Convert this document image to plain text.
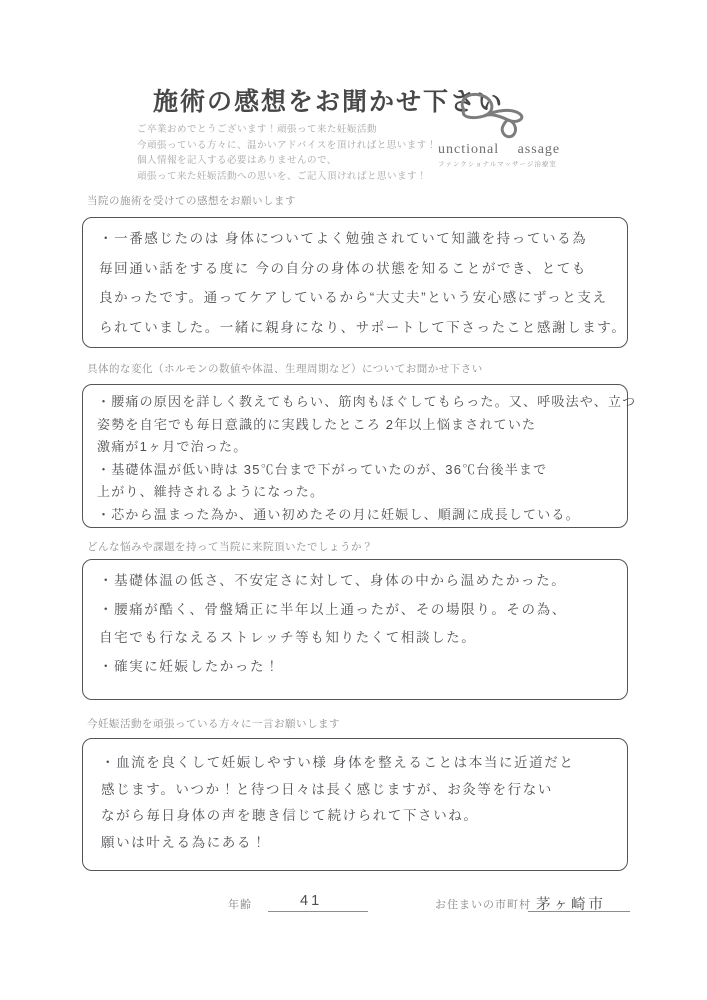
施術の感想をお聞かせ下さい
ご卒業おめでとうございます！頑張って来た妊娠活動
今頑張っている方々に、温かいアドバイスを頂ければと思います！
個人情報を記入する必要はありませんので、
頑張って来た妊娠活動への思いを、ご記入頂ければと思います！
unctional assage
ファンクショナルマッサージ治療室
当院の施術を受けての感想をお願いします
・一番感じたのは 身体についてよく勉強されていて知識を持っている為
毎回通い話をする度に 今の自分の身体の状態を知ることができ、とても
良かったです。通ってケアしているから“大丈夫”という安心感にずっと支え
られていました。一緒に親身になり、サポートして下さったこと感謝します。
具体的な変化（ホルモンの数値や体温、生理周期など）についてお聞かせ下さい
・腰痛の原因を詳しく教えてもらい、筋肉もほぐしてもらった。又、呼吸法や、立つ
姿勢を自宅でも毎日意識的に実践したところ 2年以上悩まされていた
激痛が1ヶ月で治った。
・基礎体温が低い時は 35℃台まで下がっていたのが、36℃台後半まで
上がり、維持されるようになった。
・芯から温まった為か、通い初めたその月に妊娠し、順調に成長している。
どんな悩みや課題を持って当院に来院頂いたでしょうか？
・基礎体温の低さ、不安定さに対して、身体の中から温めたかった。
・腰痛が酷く、骨盤矯正に半年以上通ったが、その場限り。その為、
自宅でも行なえるストレッチ等も知りたくて相談した。
・確実に妊娠したかった！
今妊娠活動を頑張っている方々に一言お願いします
・血流を良くして妊娠しやすい様 身体を整えることは本当に近道だと
感じます。いつか！と待つ日々は長く感じますが、お灸等を行ない
ながら毎日身体の声を聴き信じて続けられて下さいね。
願いは叶える為にある！
年齢	41	お住まいの市町村 茅ヶ崎市
